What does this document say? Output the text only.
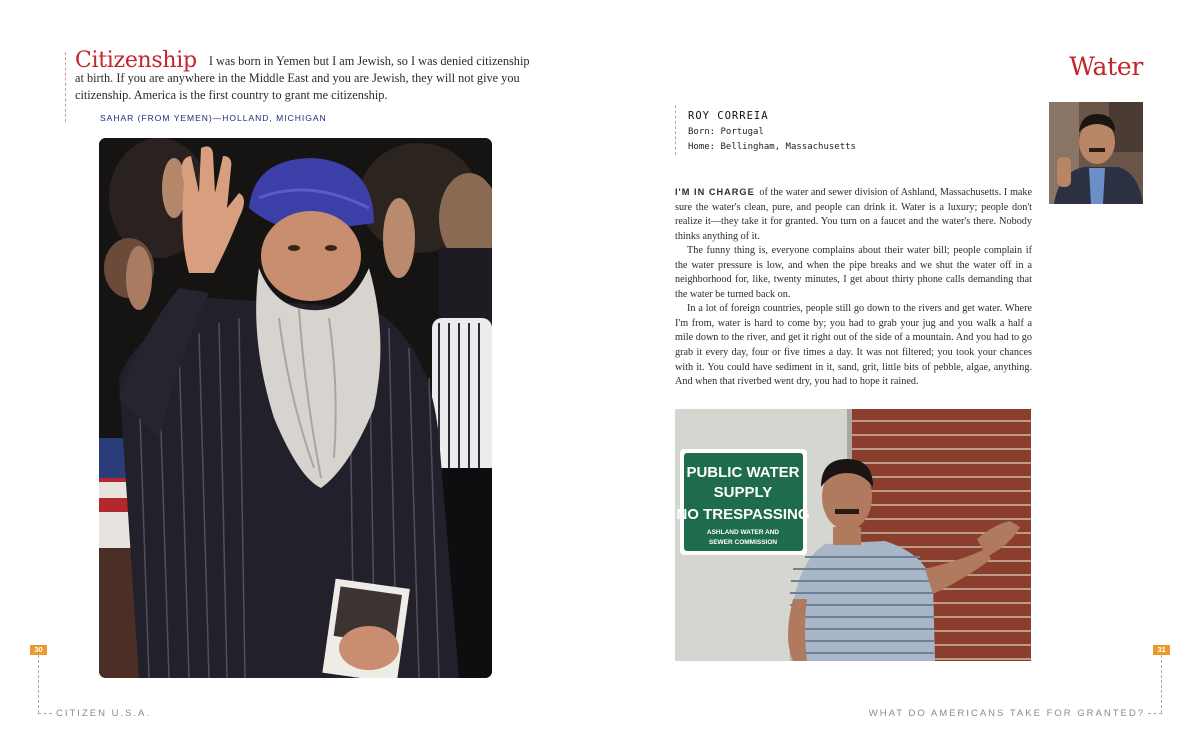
Citizenship I was born in Yemen but I am Jewish, so I was denied citizenship at birth. If you are anywhere in the Middle East and you are Jewish, they will not give you citizenship. America is the first country to grant me citizenship.
SAHAR (FROM YEMEN)—HOLLAND, MICHIGAN
30
CITIZEN U.S.A.
Water
ROY CORREIA
Born: Portugal
Home: Bellingham, Massachusetts

I'M IN CHARGE of the water and sewer division of Ashland, Massachusetts. I make sure the water's clean, pure, and people can drink it. Water is a luxury; people don't realize it—they take it for granted. You turn on a faucet and the water's there. Nobody thinks anything of it.

The funny thing is, everyone complains about their water bill; people complain if the water pressure is low, and when the pipe breaks and we shut the water off in a neighborhood for, like, twenty minutes, I get about thirty phone calls demanding that the water be turned back on.

In a lot of foreign countries, people still go down to the rivers and get water. Where I'm from, water is hard to come by; you had to grab your jug and you walk a half a mile down to the river, and get it right out of the side of a mountain. And you had to go grab it every day, four or five times a day. It was not filtered; you took your chances with it. You could have sediment in it, sand, grit, little bits of pebble, algae, anything. And when that riverbed went dry, you had to hope it rained.

PUBLIC WATER
SUPPLY
NO TRESPASSING
ASHLAND WATER AND
SEWER COMMISSION
31
WHAT DO AMERICANS TAKE FOR GRANTED?
